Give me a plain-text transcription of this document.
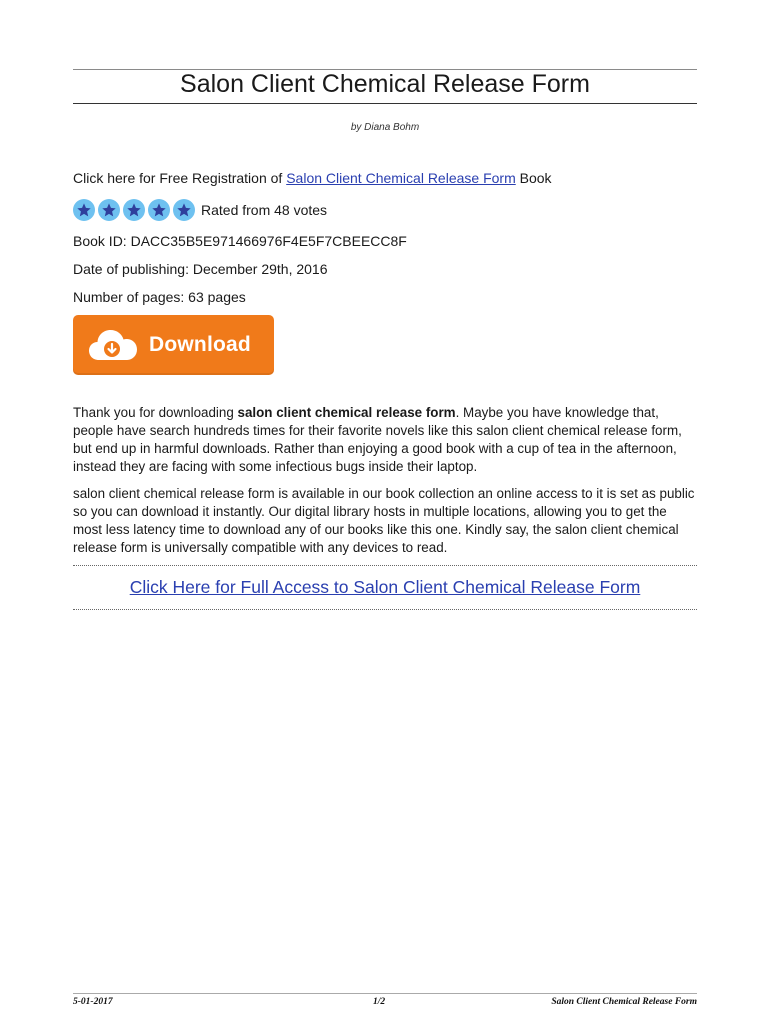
Salon Client Chemical Release Form
by Diana Bohm
Click here for Free Registration of Salon Client Chemical Release Form Book
Rated from 48 votes
Book ID: DACC35B5E971466976F4E5F7CBEECC8F
Date of publishing: December 29th, 2016
Number of pages: 63 pages
Download
Thank you for downloading salon client chemical release form. Maybe you have knowledge that, people have search hundreds times for their favorite novels like this salon client chemical release form, but end up in harmful downloads. Rather than enjoying a good book with a cup of tea in the afternoon, instead they are facing with some infectious bugs inside their laptop.
salon client chemical release form is available in our book collection an online access to it is set as public so you can download it instantly. Our digital library hosts in multiple locations, allowing you to get the most less latency time to download any of our books like this one. Kindly say, the salon client chemical release form is universally compatible with any devices to read.
Click Here for Full Access to Salon Client Chemical Release Form
5-01-2017	1/2	Salon Client Chemical Release Form
